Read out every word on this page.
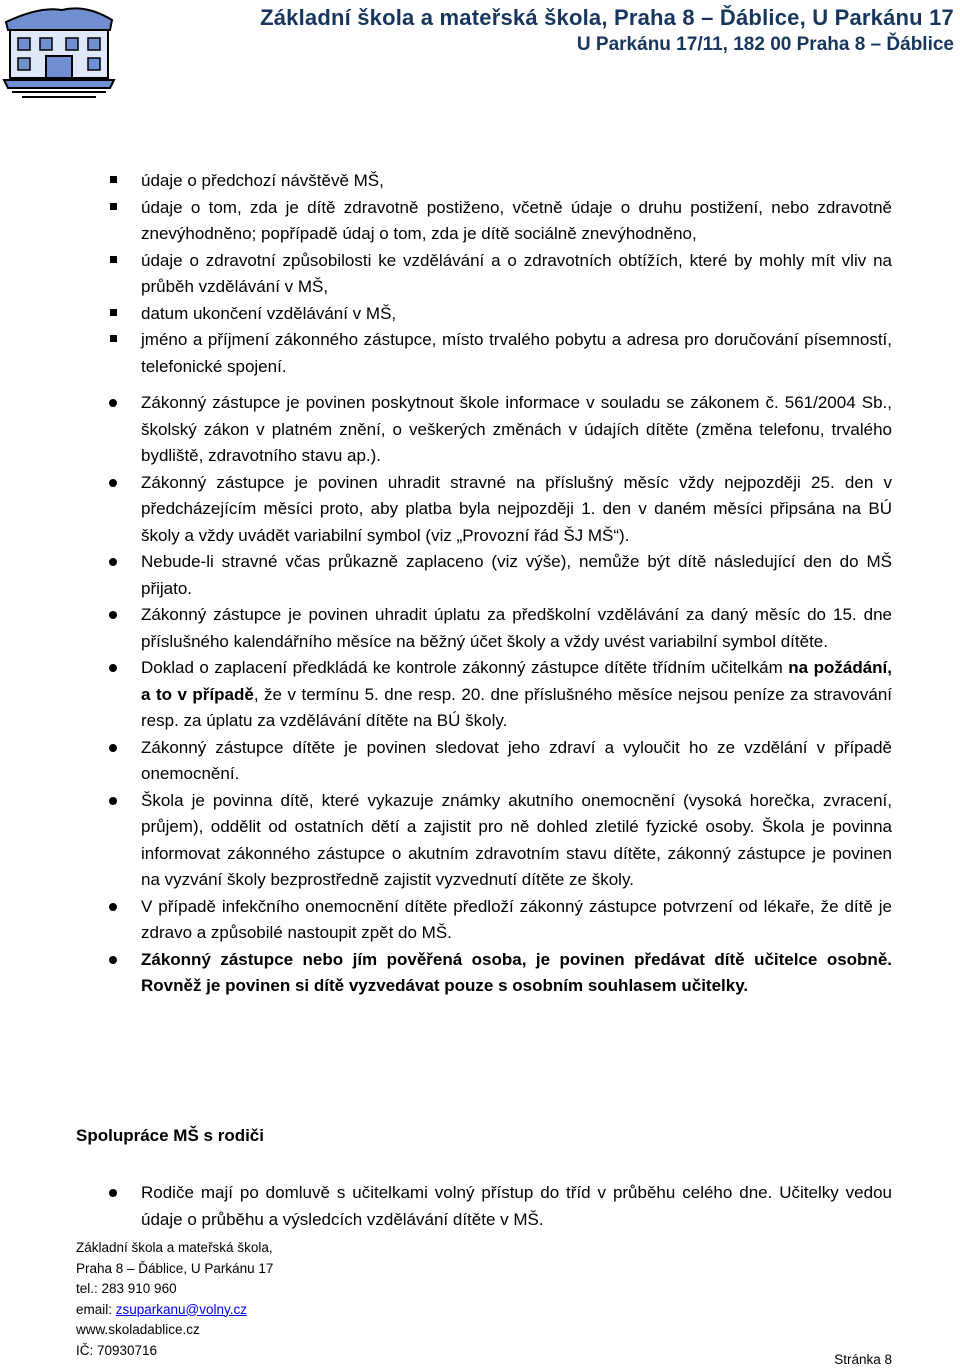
Základní škola a mateřská škola, Praha 8 – Ďáblice, U Parkánu 17
U Parkánu 17/11, 182 00 Praha 8 – Ďáblice
údaje o předchozí návštěvě MŠ,
údaje o tom, zda je dítě zdravotně postiženo, včetně údaje o druhu postižení, nebo zdravotně znevýhodněno; popřípadě údaj o tom, zda je dítě sociálně znevýhodněno,
údaje o zdravotní způsobilosti ke vzdělávání a o zdravotních obtížích, které by mohly mít vliv na průběh vzdělávání v MŠ,
datum ukončení vzdělávání v MŠ,
jméno a příjmení zákonného zástupce, místo trvalého pobytu a adresa pro doručování písemností, telefonické spojení.
Zákonný zástupce je povinen poskytnout škole informace v souladu se zákonem č. 561/2004 Sb., školský zákon v platném znění, o veškerých změnách v údajích dítěte (změna telefonu, trvalého bydliště, zdravotního stavu ap.).
Zákonný zástupce je povinen uhradit stravné na příslušný měsíc vždy nejpozději 25. den v předcházejícím měsíci proto, aby platba byla nejpozději 1. den v daném měsíci připsána na BÚ školy a vždy uvádět variabilní symbol (viz „Provozní řád ŠJ MŠ“).
Nebude-li stravné včas průkazně zaplaceno (viz výše), nemůže být dítě následující den do MŠ přijato.
Zákonný zástupce je povinen uhradit úplatu za předškolní vzdělávání za daný měsíc do 15. dne příslušného kalendářního měsíce na běžný účet školy a vždy uvést variabilní symbol dítěte.
Doklad o zaplacení předkládá ke kontrole zákonný zástupce dítěte třídním učitelkám na požádání, a to v případě, že v termínu 5. dne resp. 20. dne příslušného měsíce nejsou peníze za stravování resp. za úplatu za vzdělávání dítěte na BÚ školy.
Zákonný zástupce dítěte je povinen sledovat jeho zdraví a vyloučit ho ze vzdělání v případě onemocnění.
Škola je povinna dítě, které vykazuje známky akutního onemocnění (vysoká horečka, zvracení, průjem), oddělit od ostatních dětí a zajistit pro ně dohled zletilé fyzické osoby. Škola je povinna informovat zákonného zástupce o akutním zdravotním stavu dítěte, zákonný zástupce je povinen na vyzvání školy bezprostředně zajistit vyzvednutí dítěte ze školy.
V případě infekčního onemocnění dítěte předloží zákonný zástupce potvrzení od lékaře, že dítě je zdravo a způsobilé nastoupit zpět do MŠ.
Zákonný zástupce nebo jím pověřená osoba, je povinen předávat dítě učitelce osobně. Rovněž je povinen si dítě vyzvedávat pouze s osobním souhlasem učitelky.
Spolupráce MŠ s rodiči
Rodiče mají po domluvě s učitelkami volný přístup do tříd v průběhu celého dne. Učitelky vedou údaje o průběhu a výsledcích vzdělávání dítěte v MŠ.
Základní škola a mateřská škola,
Praha 8 – Ďáblice, U Parkánu 17
tel.: 283 910 960
email: zsuparkanu@volny.cz
www.skoladablice.cz
IČ: 70930716
Stránka 8
